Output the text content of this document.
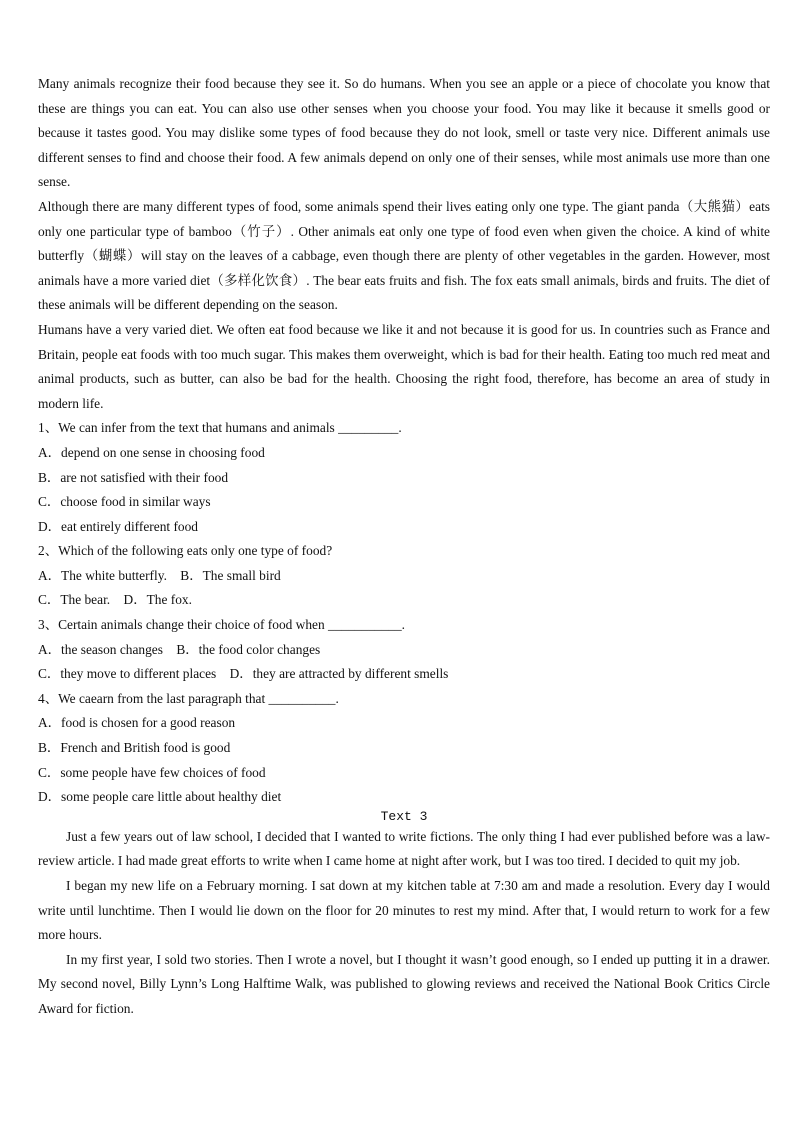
Many animals recognize their food because they see it. So do humans. When you see an apple or a piece of chocolate you know that these are things you can eat. You can also use other senses when you choose your food. You may like it because it smells good or because it tastes good. You may dislike some types of food because they do not look, smell or taste very nice. Different animals use different senses to find and choose their food. A few animals depend on only one of their senses, while most animals use more than one sense.

Although there are many different types of food, some animals spend their lives eating only one type. The giant panda（大熊猫）eats only one particular type of bamboo（竹子）. Other animals eat only one type of food even when given the choice. A kind of white butterfly（蝴蝶）will stay on the leaves of a cabbage, even though there are plenty of other vegetables in the garden. However, most animals have a more varied diet（多样化饮食）. The bear eats fruits and fish. The fox eats small animals, birds and fruits. The diet of these animals will be different depending on the season.

Humans have a very varied diet. We often eat food because we like it and not because it is good for us. In countries such as France and Britain, people eat foods with too much sugar. This makes them overweight, which is bad for their health. Eating too much red meat and animal products, such as butter, can also be bad for the health. Choosing the right food, therefore, has become an area of study in modern life.

1、We can infer from the text that humans and animals _________.

A．depend on one sense in choosing food

B．are not satisfied with their food

C．choose food in similar ways

D．eat entirely different food

2、Which of the following eats only one type of food?

A．The white butterfly.    B．The small bird

C．The bear.    D．The fox.

3、Certain animals change their choice of food when ___________.

A．the season changes    B．the food color changes

C．they move to different places    D．they are attracted by different smells

4、We caearn from the last paragraph that __________.

A．food is chosen for a good reason

B．French and British food is good

C．some people have few choices of food

D．some people care little about healthy diet

Text 3

Just a few years out of law school, I decided that I wanted to write fictions. The only thing I had ever published before was a law-review article. I had made great efforts to write when I came home at night after work, but I was too tired. I decided to quit my job.

I began my new life on a February morning. I sat down at my kitchen table at 7:30 am and made a resolution. Every day I would write until lunchtime. Then I would lie down on the floor for 20 minutes to rest my mind. After that, I would return to work for a few more hours.

In my first year, I sold two stories. Then I wrote a novel, but I thought it wasn’t good enough, so I ended up putting it in a drawer. My second novel, Billy Lynn’s Long Halftime Walk, was published to glowing reviews and received the National Book Critics Circle Award for fiction.
